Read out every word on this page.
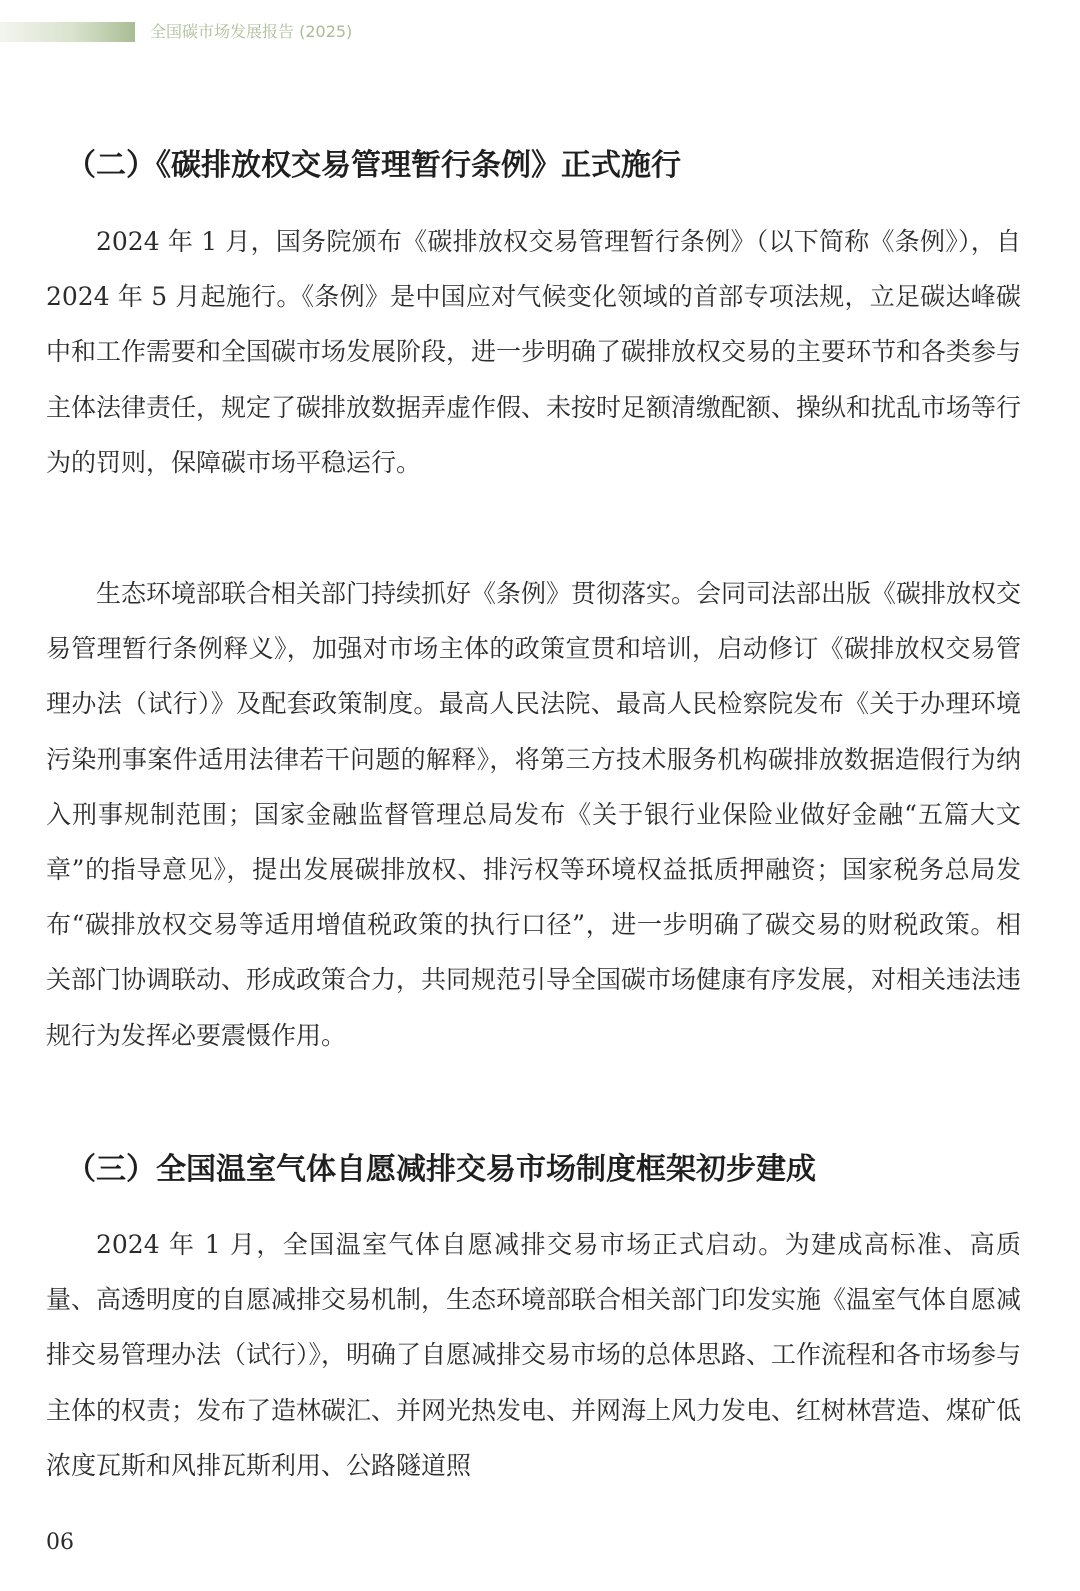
全国碳市场发展报告 (2025)
（二）《碳排放权交易管理暂行条例》正式施行

2024 年 1 月，国务院颁布《碳排放权交易管理暂行条例》（以下简称《条例》），自 2024 年 5 月起施行。《条例》是中国应对气候变化领域的首部专项法规，立足碳达峰碳中和工作需要和全国碳市场发展阶段，进一步明确了碳排放权交易的主要环节和各类参与主体法律责任，规定了碳排放数据弄虚作假、未按时足额清缴配额、操纵和扰乱市场等行为的罚则，保障碳市场平稳运行。

生态环境部联合相关部门持续抓好《条例》贯彻落实。会同司法部出版《碳排放权交易管理暂行条例释义》，加强对市场主体的政策宣贯和培训，启动修订《碳排放权交易管理办法（试行）》及配套政策制度。最高人民法院、最高人民检察院发布《关于办理环境污染刑事案件适用法律若干问题的解释》，将第三方技术服务机构碳排放数据造假行为纳入刑事规制范围；国家金融监督管理总局发布《关于银行业保险业做好金融“五篇大文章”的指导意见》，提出发展碳排放权、排污权等环境权益抵质押融资；国家税务总局发布“碳排放权交易等适用增值税政策的执行口径”，进一步明确了碳交易的财税政策。相关部门协调联动、形成政策合力，共同规范引导全国碳市场健康有序发展，对相关违法违规行为发挥必要震慑作用。

（三）全国温室气体自愿减排交易市场制度框架初步建成

2024 年 1 月，全国温室气体自愿减排交易市场正式启动。为建成高标准、高质量、高透明度的自愿减排交易机制，生态环境部联合相关部门印发实施《温室气体自愿减排交易管理办法（试行）》，明确了自愿减排交易市场的总体思路、工作流程和各市场参与主体的权责；发布了造林碳汇、并网光热发电、并网海上风力发电、红树林营造、煤矿低浓度瓦斯和风排瓦斯利用、公路隧道照

06
